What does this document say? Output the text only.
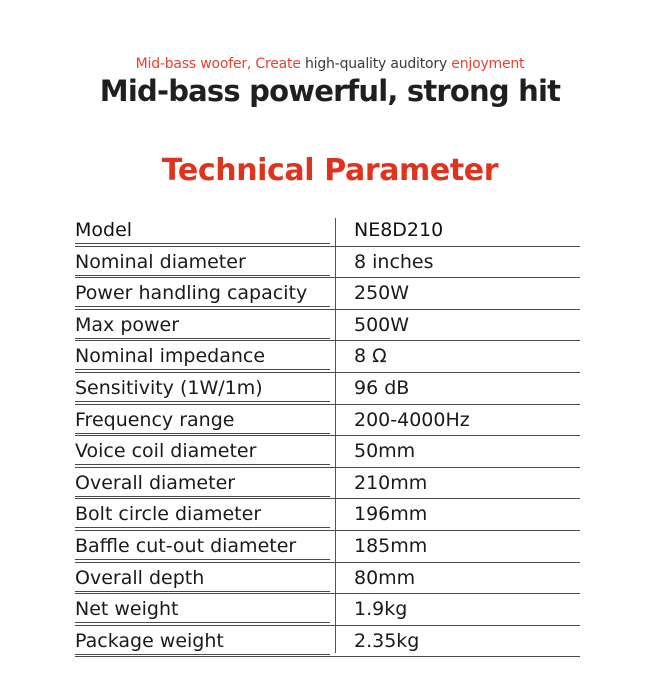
Mid-bass woofer, Create high-quality auditory enjoyment
Mid-bass powerful, strong hit
Technical Parameter
Model	NE8D210
Nominal diameter	8 inches
Power handling capacity	250W
Max power	500W
Nominal impedance	8 Ω
Sensitivity (1W/1m)	96 dB
Frequency range	200-4000Hz
Voice coil diameter	50mm
Overall diameter	210mm
Bolt circle diameter	196mm
Baffle cut-out diameter	185mm
Overall depth	80mm
Net weight	1.9kg
Package weight	2.35kg
